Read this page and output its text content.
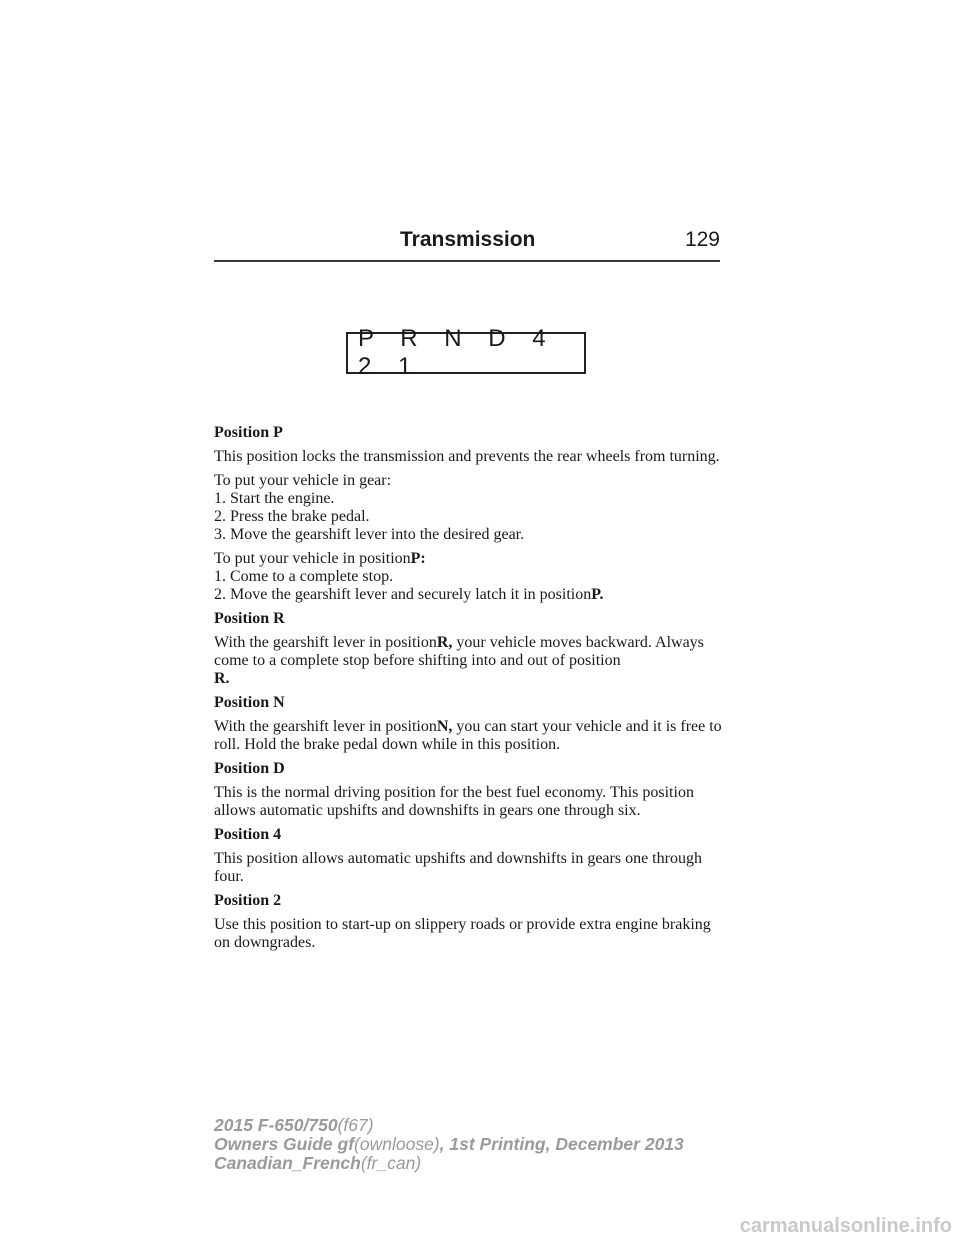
Transmission	129
P R N D 4 2 1
Position P

This position locks the transmission and prevents the rear wheels from turning.

To put your vehicle in gear:
1. Start the engine.
2. Press the brake pedal.
3. Move the gearshift lever into the desired gear.
To put your vehicle in positionP:
1. Come to a complete stop.
2. Move the gearshift lever and securely latch it in positionP.
Position R

With the gearshift lever in positionR, your vehicle moves backward. Always come to a complete stop before shifting into and out of position
R.

Position N

With the gearshift lever in positionN, you can start your vehicle and it is free to roll. Hold the brake pedal down while in this position.

Position D

This is the normal driving position for the best fuel economy. This position allows automatic upshifts and downshifts in gears one through six.

Position 4

This position allows automatic upshifts and downshifts in gears one through four.

Position 2

Use this position to start-up on slippery roads or provide extra engine braking on downgrades.

2015 F-650/750(f67)
Owners Guide gf(ownloose), 1st Printing, December 2013
Canadian_French(fr_can)
carmanualsonline.info
